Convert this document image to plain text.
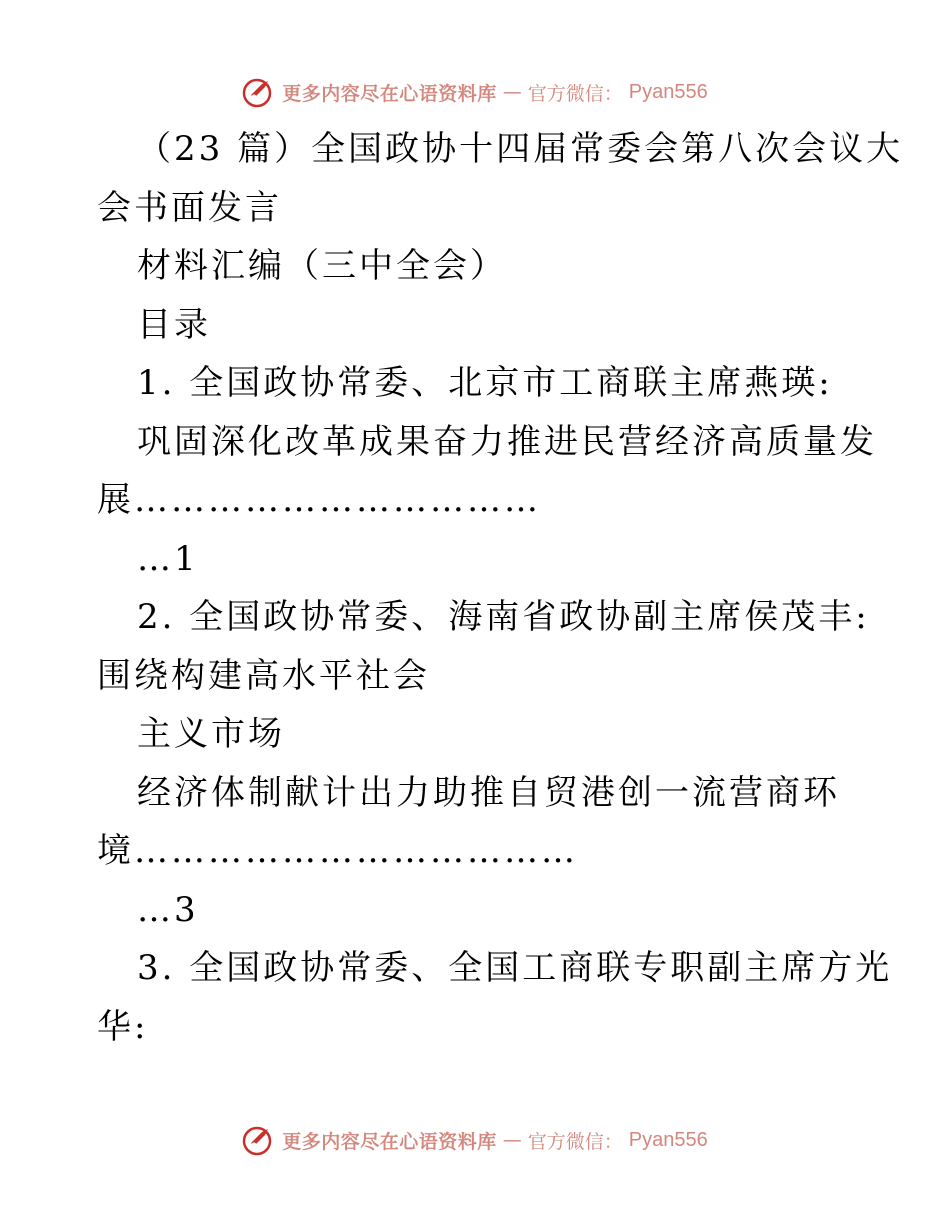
更多内容尽在心语资料库 — 官方微信： Pyan556
（23 篇）全国政协十四届常委会第八次会议大
会书面发言
材料汇编（三中全会）
目录
1. 全国政协常委、北京市工商联主席燕瑛:
巩固深化改革成果奋力推进民营经济高质量发
展……………………………
…1
2. 全国政协常委、海南省政协副主席侯茂丰:
围绕构建高水平社会
主义市场
经济体制献计出力助推自贸港创一流营商环
境………………………………
…3
3. 全国政协常委、全国工商联专职副主席方光
华:
更多内容尽在心语资料库 — 官方微信： Pyan556
